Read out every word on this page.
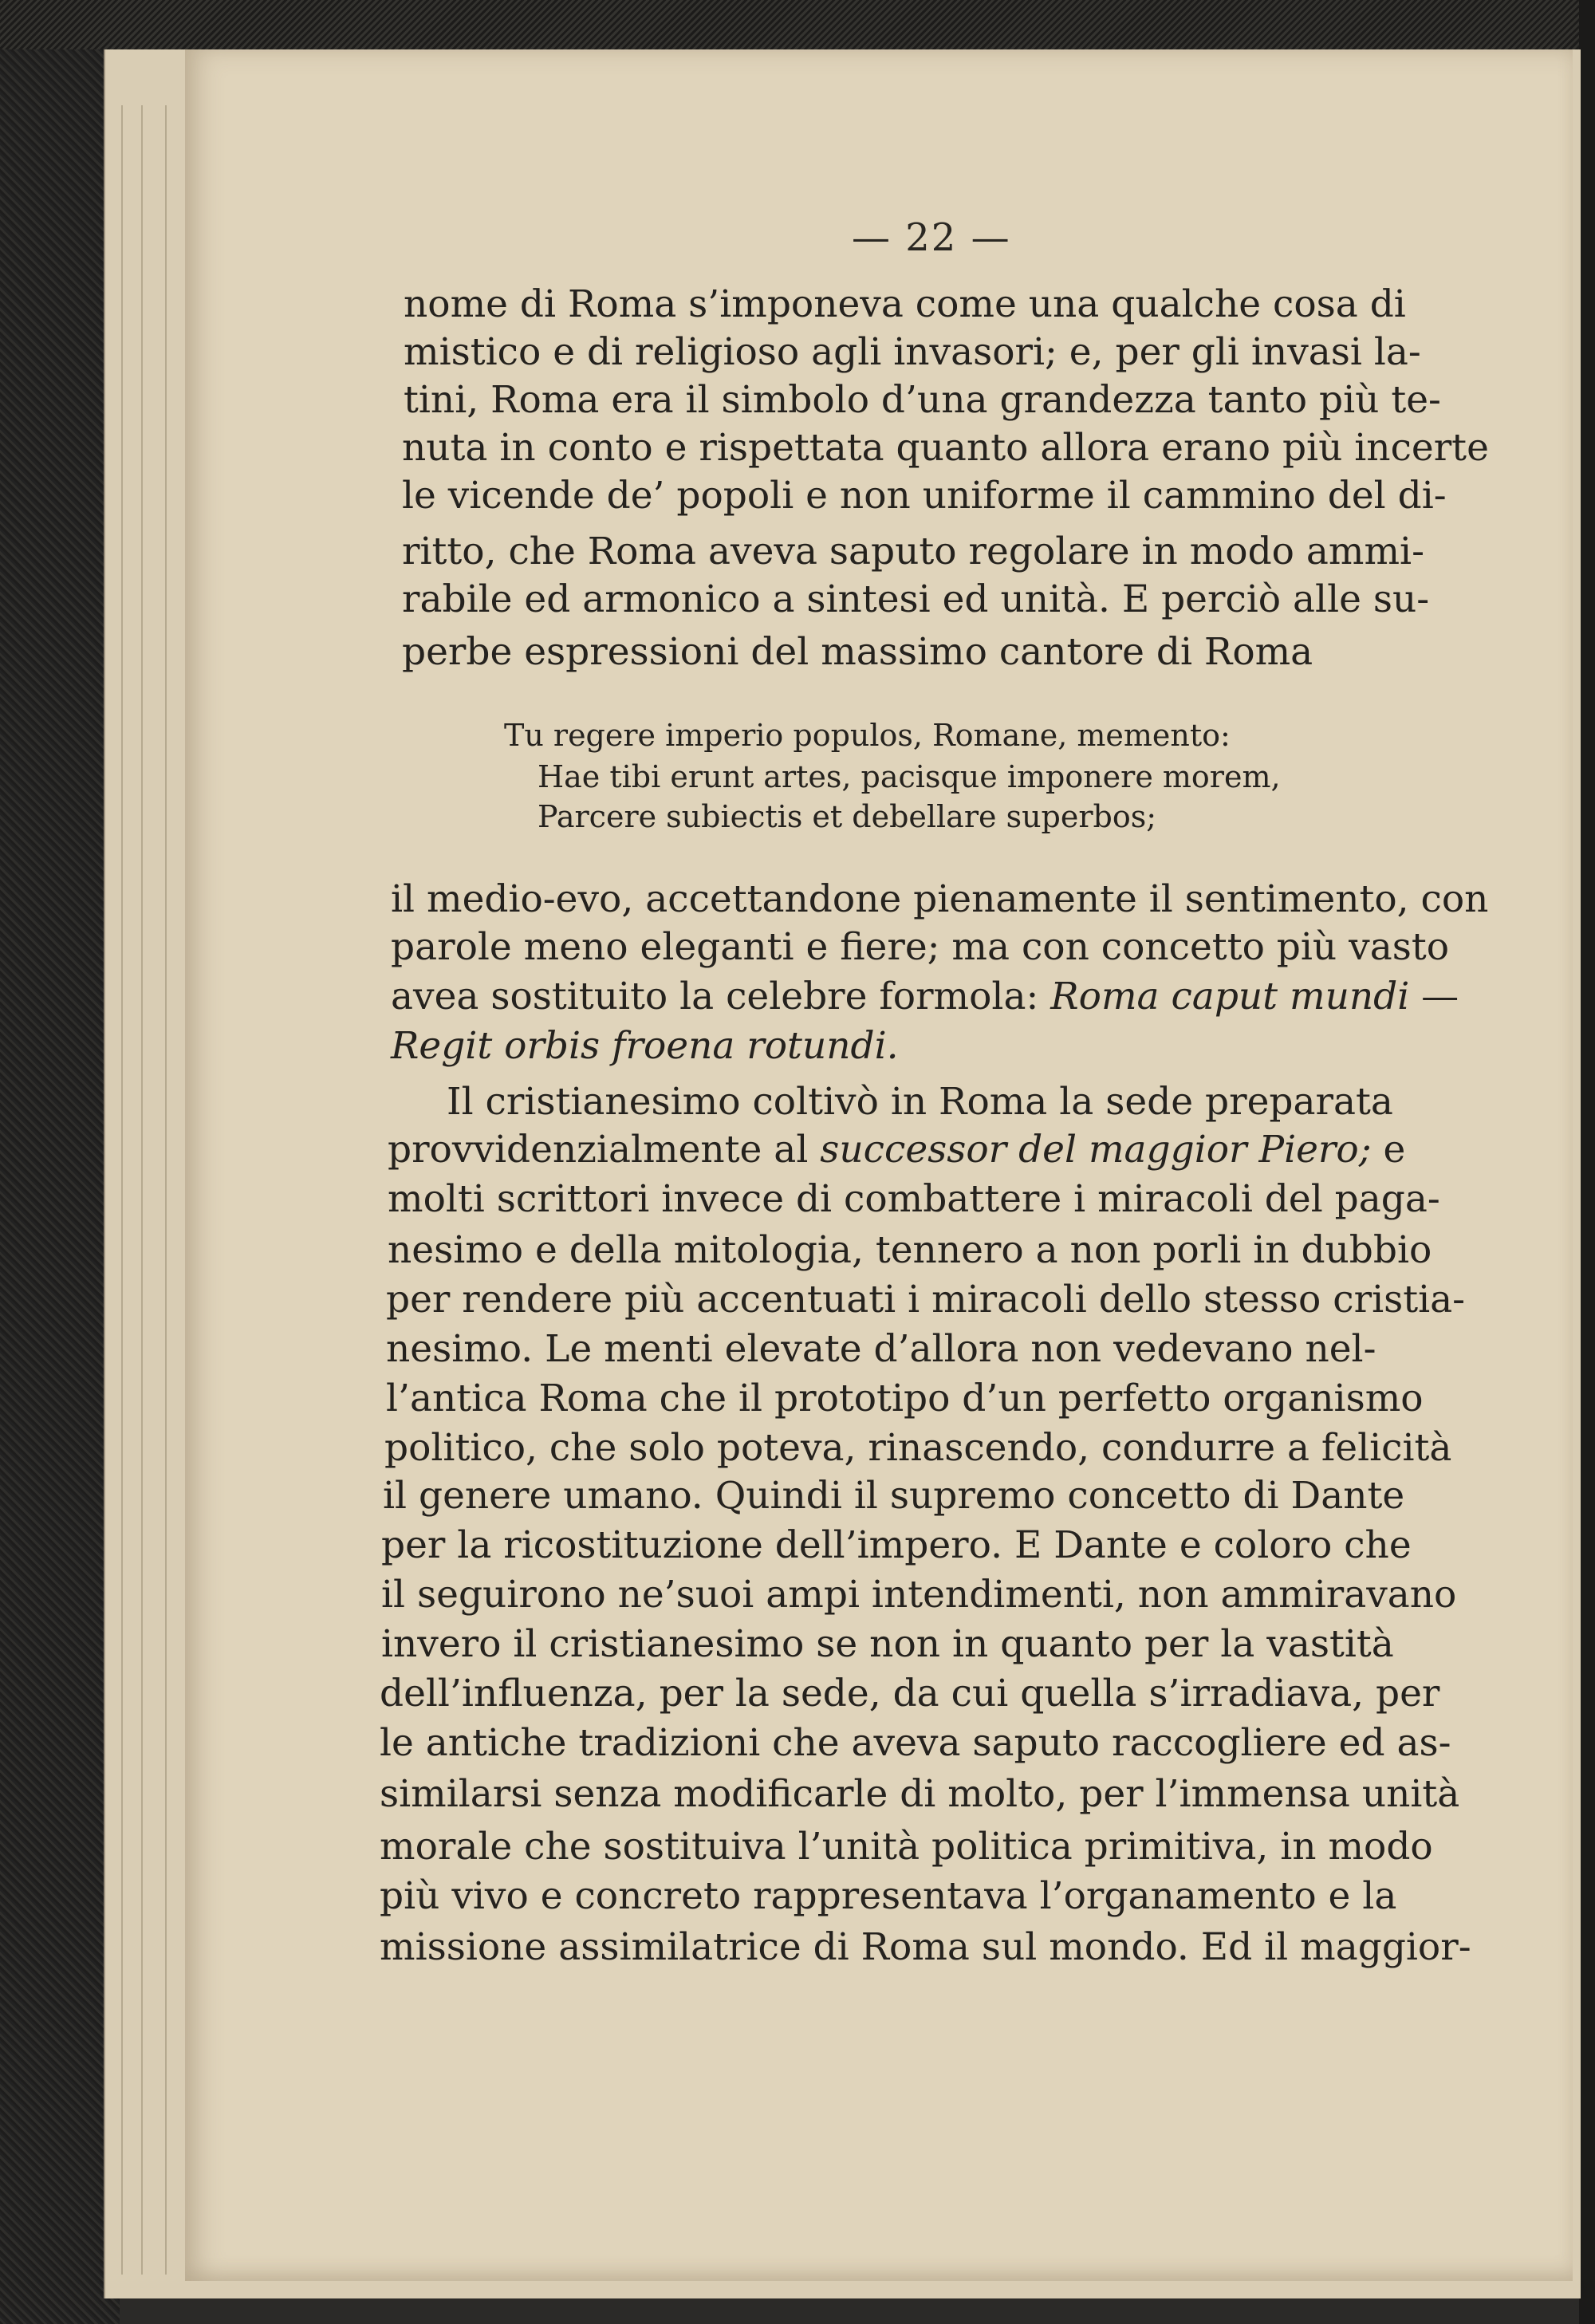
— 22 —
nome di Roma s’imponeva come una qualche cosa di
mistico e di religioso agli invasori; e, per gli invasi la-
tini, Roma era il simbolo d’una grandezza tanto più te-
nuta in conto e rispettata quanto allora erano più incerte
le vicende de’ popoli e non uniforme il cammino del di-
ritto, che Roma aveva saputo regolare in modo ammi-
rabile ed armonico a sintesi ed unità. E perciò alle su-
perbe espressioni del massimo cantore di Roma
Tu regere imperio populos, Romane, memento:
Hae tibi erunt artes, pacisque imponere morem,
Parcere subiectis et debellare superbos;
il medio-evo, accettandone pienamente il sentimento, con
parole meno eleganti e fiere; ma con concetto più vasto
avea sostituito la celebre formola: Roma caput mundi —
Regit orbis froena rotundi.
Il cristianesimo coltivò in Roma la sede preparata
provvidenzialmente al successor del maggior Piero; e
molti scrittori invece di combattere i miracoli del paga-
nesimo e della mitologia, tennero a non porli in dubbio
per rendere più accentuati i miracoli dello stesso cristia-
nesimo. Le menti elevate d’allora non vedevano nel-
l’antica Roma che il prototipo d’un perfetto organismo
politico, che solo poteva, rinascendo, condurre a felicità
il genere umano. Quindi il supremo concetto di Dante
per la ricostituzione dell’impero. E Dante e coloro che
il seguirono ne’suoi ampi intendimenti, non ammiravano
invero il cristianesimo se non in quanto per la vastità
dell’influenza, per la sede, da cui quella s’irradiava, per
le antiche tradizioni che aveva saputo raccogliere ed as-
similarsi senza modificarle di molto, per l’immensa unità
morale che sostituiva l’unità politica primitiva, in modo
più vivo e concreto rappresentava l’organamento e la
missione assimilatrice di Roma sul mondo. Ed il maggior-
